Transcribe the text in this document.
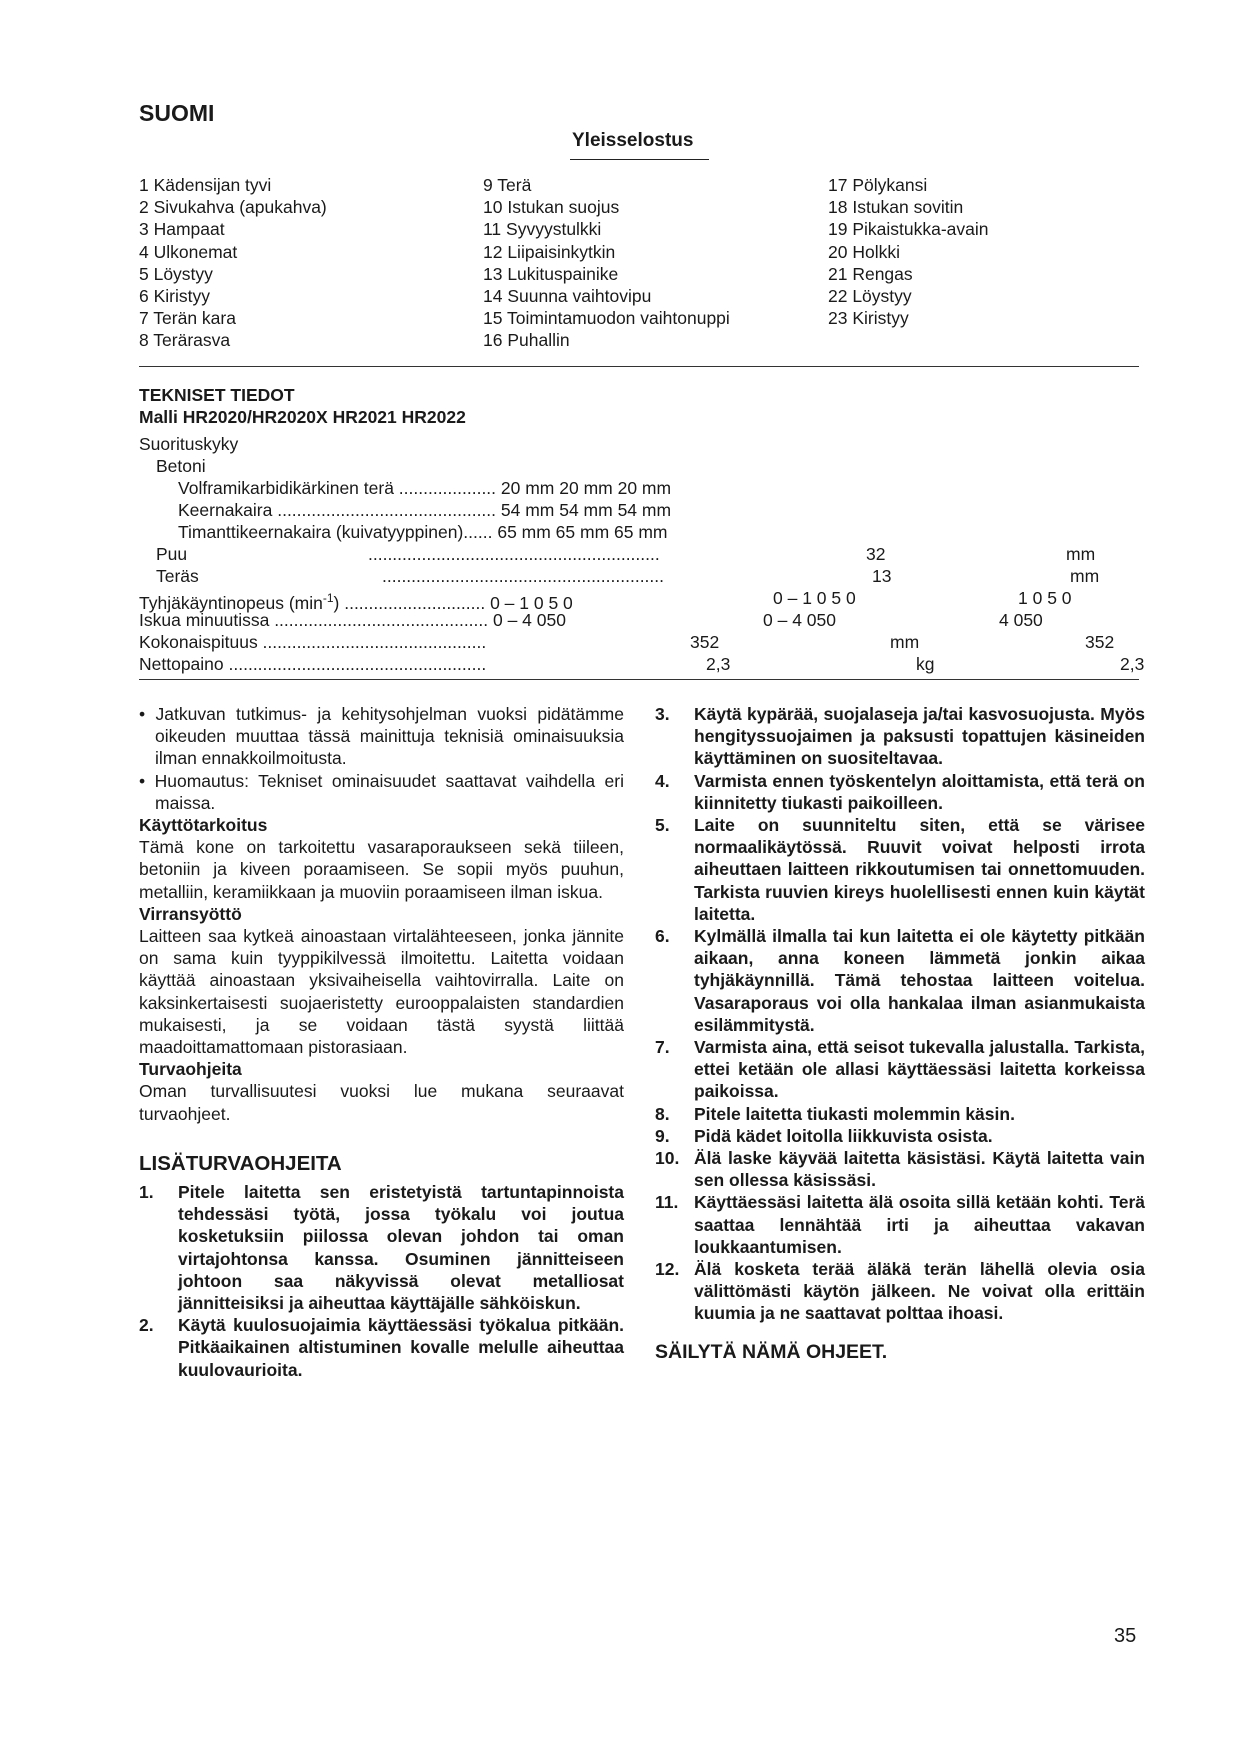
SUOMI
Yleisselostus
1 Kädensijan tyvi
2 Sivukahva (apukahva)
3 Hampaat
4 Ulkonemat
5 Löystyy
6 Kiristyy
7 Terän kara
8 Terärasva
9 Terä
10 Istukan suojus
11 Syvyystulkki
12 Liipaisinkytkin
13 Lukituspainike
14 Suunna vaihtovipu
15 Toimintamuodon vaihtonuppi
16 Puhallin
17 Pölykansi
18 Istukan sovitin
19 Pikaistukka-avain
20 Holkki
21 Rengas
22 Löystyy
23 Kiristyy
TEKNISET TIEDOT
Malli HR2020/HR2020X HR2021 HR2022
Suorituskyky
Betoni
Volframikarbidikärkinen terä .................... 20 mm 20 mm 20 mm
Keernakaira ............................................. 54 mm 54 mm 54 mm
Timanttikeernakaira (kuivatyyppinen)...... 65 mm 65 mm 65 mm
Puu	............................................................	32	mm
Teräs	..........................................................	13	mm
Tyhjäkäyntinopeus $(\min^{-1})$ ............................. 0 – 1 0 5 0	0 – 1 0 5 0	1 0 5 0
Iskua minuutissa ............................................ 0 – 4 050	0 – 4 050	4 050
Kokonaispituus ..............................................	352	mm	352
Nettopaino .....................................................	2,3	kg	2,3

• Jatkuvan tutkimus- ja kehitysohjelman vuoksi pidätämme oikeuden muuttaa tässä mainittuja teknisiä ominaisuuksia ilman ennakkoilmoitusta.

• Huomautus: Tekniset ominaisuudet saattavat vaihdella eri maissa.

Käyttötarkoitus

Tämä kone on tarkoitettu vasaraporaukseen sekä tiileen, betoniin ja kiveen poraamiseen. Se sopii myös puuhun, metalliin, keramiikkaan ja muoviin poraamiseen ilman iskua.

Virransyöttö

Laitteen saa kytkeä ainoastaan virtalähteeseen, jonka jännite on sama kuin tyyppikilvessä ilmoitettu. Laitetta voidaan käyttää ainoastaan yksivaiheisella vaihtovirralla. Laite on kaksinkertaisesti suojaeristetty eurooppalaisten standardien mukaisesti, ja se voidaan tästä syystä liittää maadoittamattomaan pistorasiaan.

Turvaohjeita

Oman turvallisuutesi vuoksi lue mukana seuraavat turvaohjeet.

LISÄTURVAOHJEITA
1. Pitele laitetta sen eristetyistä tartuntapinnoista tehdessäsi työtä, jossa työkalu voi joutua kosketuksiin piilossa olevan johdon tai oman virtajohtonsa kanssa. Osuminen jännitteiseen johtoon saa näkyvissä olevat metalliosat jännitteisiksi ja aiheuttaa käyttäjälle sähköiskun.
2. Käytä kuulosuojaimia käyttäessäsi työkalua pitkään. Pitkäaikainen altistuminen kovalle melulle aiheuttaa kuulovaurioita.
3. Käytä kypärää, suojalaseja ja/tai kasvosuojusta. Myös hengityssuojaimen ja paksusti topattujen käsineiden käyttäminen on suositeltavaa.
4. Varmista ennen työskentelyn aloittamista, että terä on kiinnitetty tiukasti paikoilleen.
5. Laite on suunniteltu siten, että se värisee normaalikäytössä. Ruuvit voivat helposti irrota aiheuttaen laitteen rikkoutumisen tai onnettomuuden. Tarkista ruuvien kireys huolellisesti ennen kuin käytät laitetta.
6. Kylmällä ilmalla tai kun laitetta ei ole käytetty pitkään aikaan, anna koneen lämmetä jonkin aikaa tyhjäkäynnillä. Tämä tehostaa laitteen voitelua. Vasaraporaus voi olla hankalaa ilman asianmukaista esilämmitystä.
7. Varmista aina, että seisot tukevalla jalustalla. Tarkista, ettei ketään ole allasi käyttäessäsi laitetta korkeissa paikoissa.
8. Pitele laitetta tiukasti molemmin käsin.
9. Pidä kädet loitolla liikkuvista osista.
10. Älä laske käyvää laitetta käsistäsi. Käytä laitetta vain sen ollessa käsissäsi.
11. Käyttäessäsi laitetta älä osoita sillä ketään kohti. Terä saattaa lennähtää irti ja aiheuttaa vakavan loukkaantumisen.
12. Älä kosketa terää äläkä terän lähellä olevia osia välittömästi käytön jälkeen. Ne voivat olla erittäin kuumia ja ne saattavat polttaa ihoasi.
SÄILYTÄ NÄMÄ OHJEET.
35
